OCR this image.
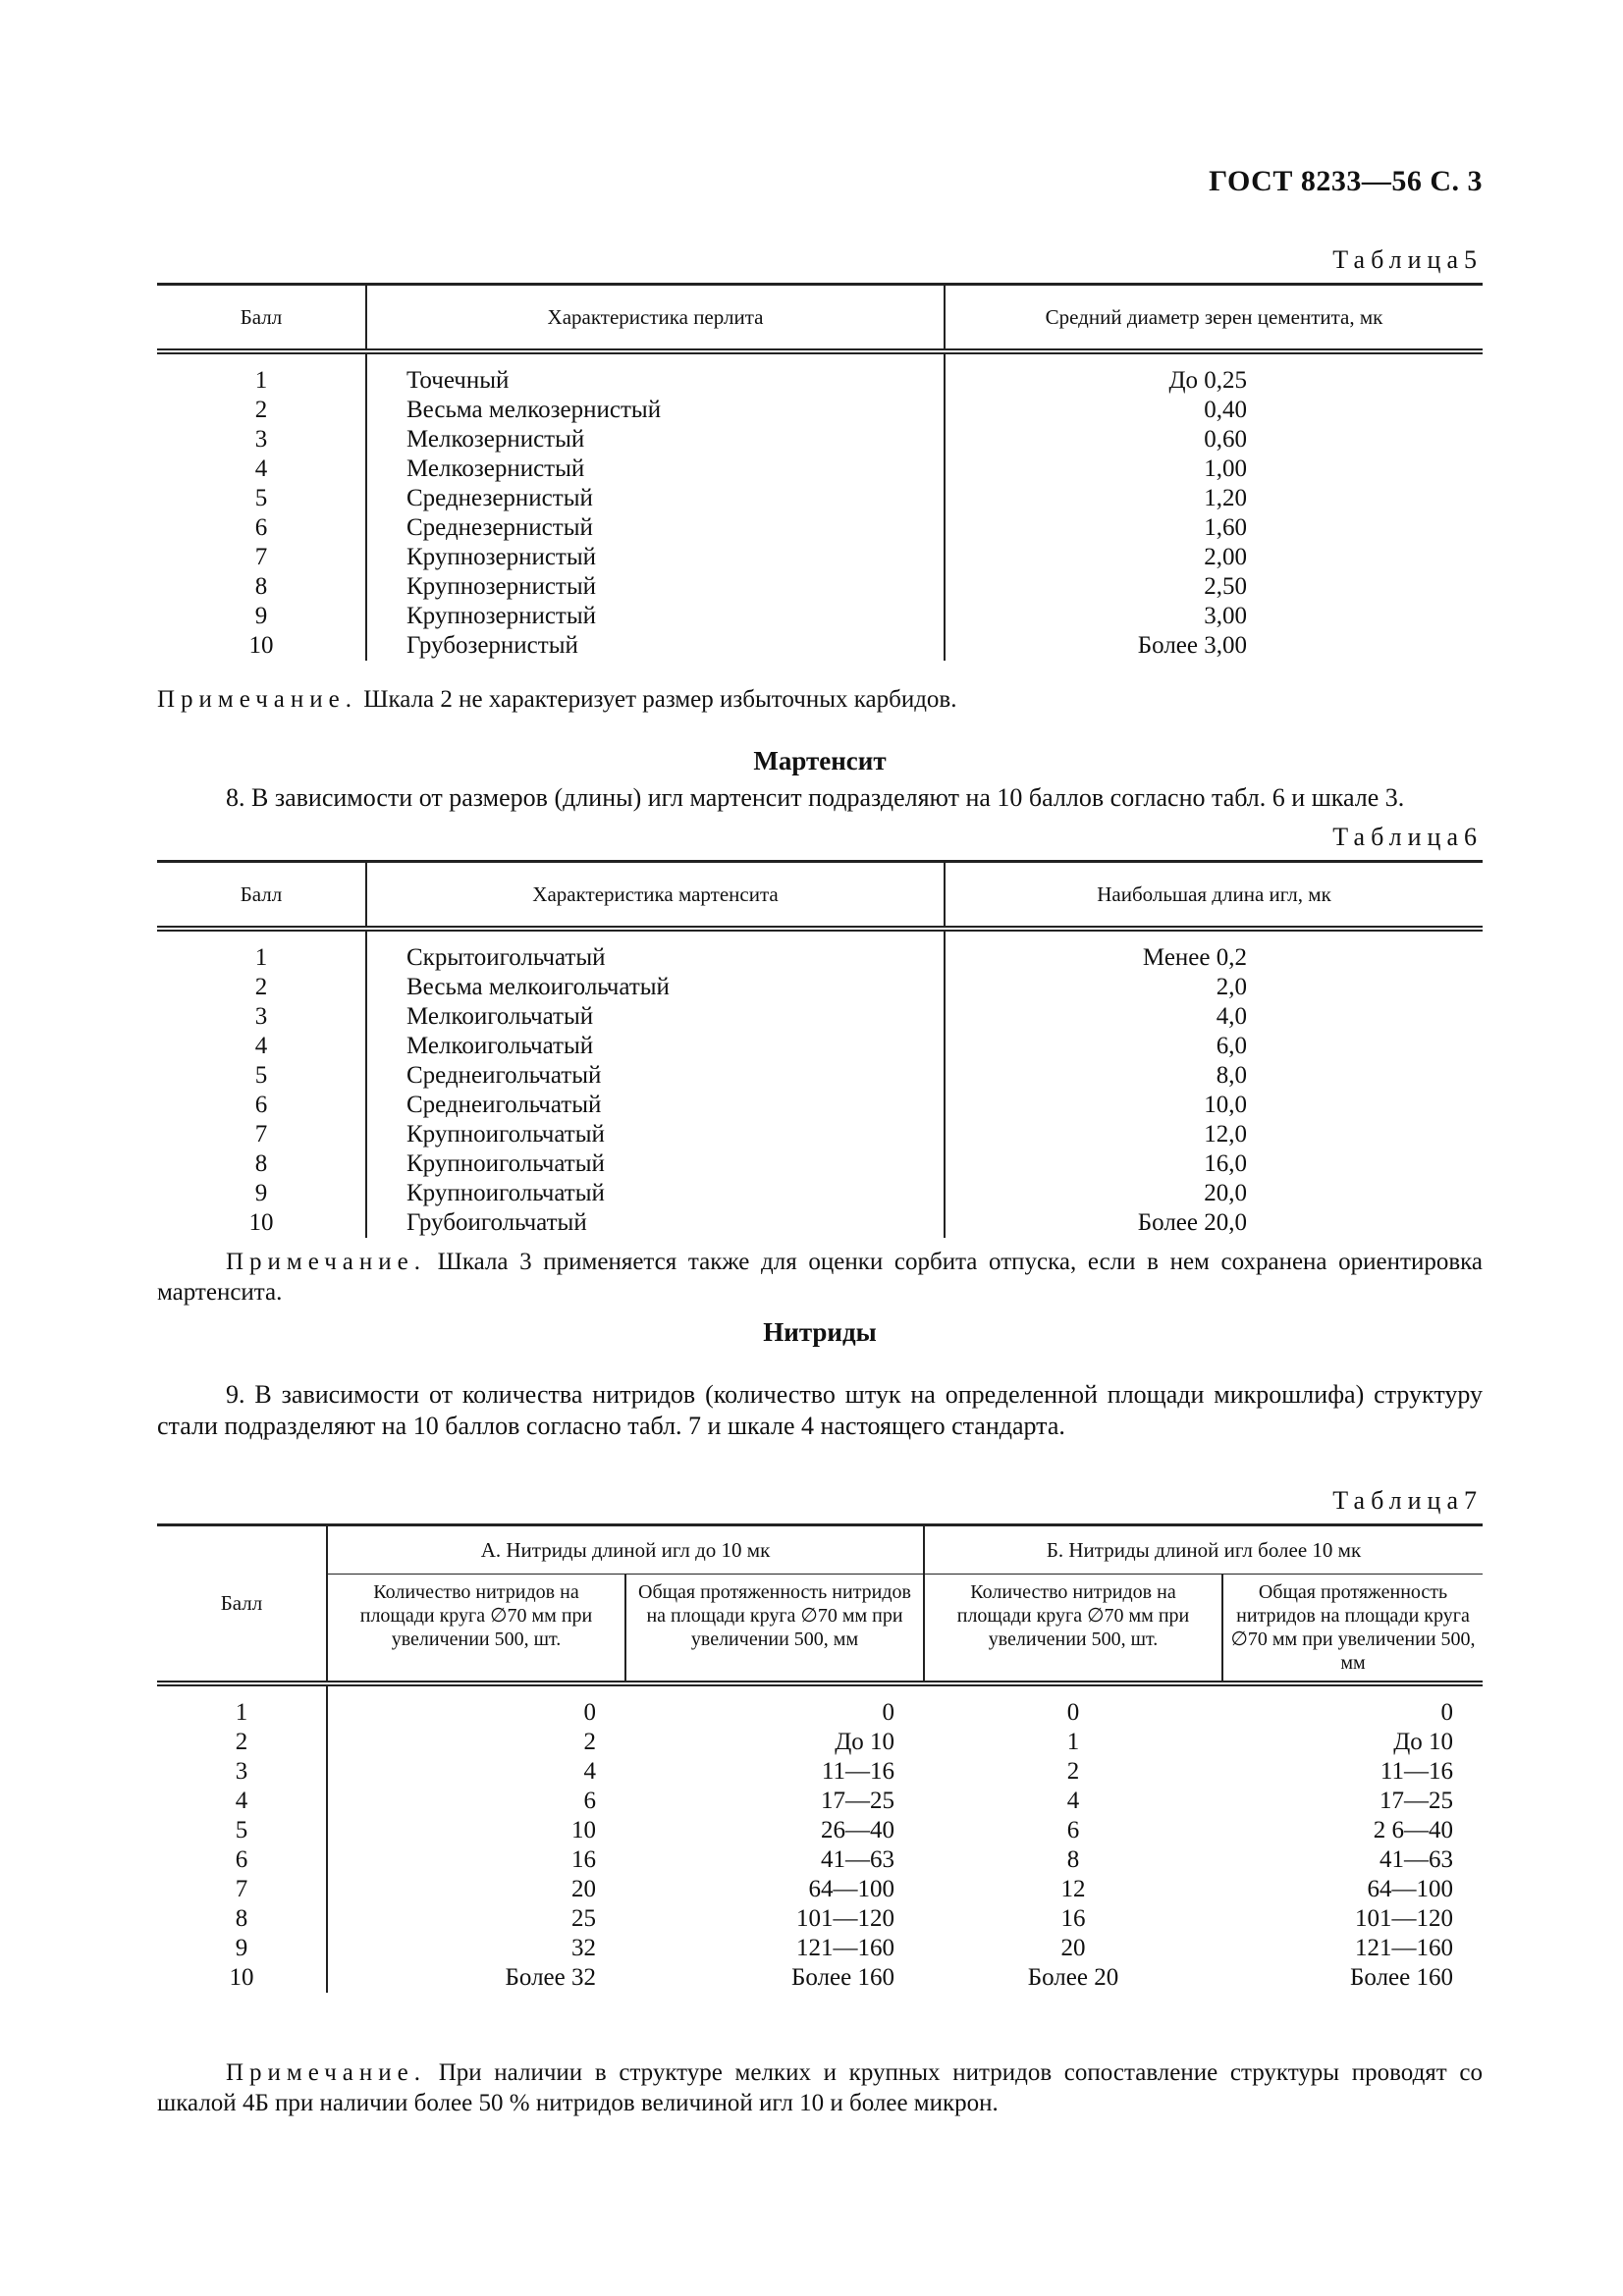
ГОСТ 8233—56 С. 3
Таблица5
Балл	Характеристика перлита	Средний диаметр зерен цементита, мк
1	Точечный	До 0,25
2	Весьма мелкозернистый	0,40
3	Мелкозернистый	0,60
4	Мелкозернистый	1,00
5	Среднезернистый	1,20
6	Среднезернистый	1,60
7	Крупнозернистый	2,00
8	Крупнозернистый	2,50
9	Крупнозернистый	3,00
10	Грубозернистый	Более 3,00
Примечание. Шкала 2 не характеризует размер избыточных карбидов.
Мартенсит
8. В зависимости от размеров (длины) игл мартенсит подразделяют на 10 баллов согласно табл. 6 и шкале 3.
Таблица6
Балл	Характеристика мартенсита	Наибольшая длина игл, мк
1	Скрытоигольчатый	Менее 0,2
2	Весьма мелкоигольчатый	2,0
3	Мелкоигольчатый	4,0
4	Мелкоигольчатый	6,0
5	Среднеигольчатый	8,0
6	Среднеигольчатый	10,0
7	Крупноигольчатый	12,0
8	Крупноигольчатый	16,0
9	Крупноигольчатый	20,0
10	Грубоигольчатый	Более 20,0
Примечание. Шкала 3 применяется также для оценки сорбита отпуска, если в нем сохранена ориентировка мартенсита.
Нитриды
9. В зависимости от количества нитридов (количество штук на определенной площади микрошлифа) структуру стали подразделяют на 10 баллов согласно табл. 7 и шкале 4 настоящего стандарта.
Таблица7
Балл	А. Нитриды длиной игл до 10 мк		Б. Нитриды длиной игл более 10 мк	
	Количество нитридов на площади круга ∅70 мм при увеличении 500, шт.	Общая протяженность нитридов на площади круга ∅70 мм при увеличении 500, мм	Количество нитридов на площади круга ∅70 мм при увеличении 500, шт.	Общая протяженность нитридов на площади круга ∅70 мм при увеличении 500, мм
1	0	0	0	0
2	2	До 10	1	До 10
3	4	11—16	2	11—16
4	6	17—25	4	17—25
5	10	26—40	6	2 6—40
6	16	41—63	8	41—63
7	20	64—100	12	64—100
8	25	101—120	16	101—120
9	32	121—160	20	121—160
10	Более 32	Более 160	Более 20	Более 160
Примечание. При наличии в структуре мелких и крупных нитридов сопоставление структуры проводят со шкалой 4Б при наличии более 50 % нитридов величиной игл 10 и более микрон.
